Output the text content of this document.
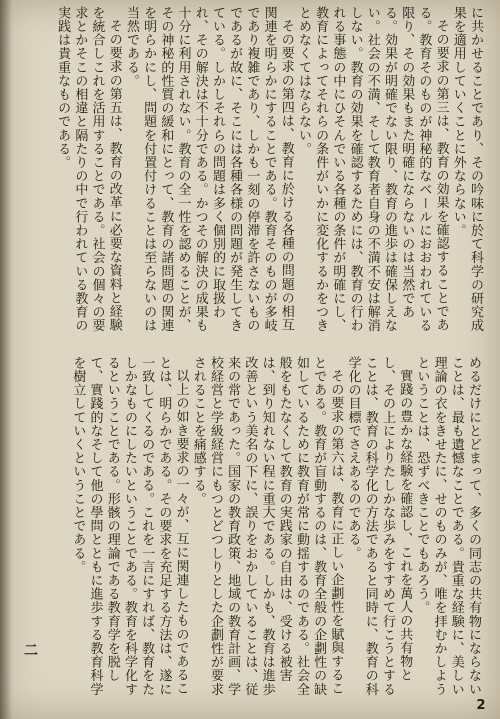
に共かせることであり、その吟味に於て科学の研究成果を適用していくことに外ならない。

その要求の第三は、教育の効果を確認することである。教育そのものが神秘的なベールにおおわれている限り、その効果もまた明確にならないのは当然である。効果が明確でない限り、教育の進歩は確保しえない。社会の不満、そして教育者自身の不満不安は解消しない。教育の効果を確認するためには、教育の行われる事態の中にひそんでいる各種の条件が明確にし、教育によってそれらの条件がいかに変化するかをつきとめなくてはならない。

その要求の第四は、教育に於ける各種の問題の相互関連を明らかにすることである。教育そのものが多岐であり複雑であり、しかも一刻の停滞を許さないものであるが故に、そこには各種各様の問題が発生してきている。しかしそれらの問題は多く個別的に取扱われ、その解決は不十分である。かつその解決の成果も十分に利用されない。教育の全一性を認めることが、その神秘的性質の緩和にとって、教育の諸問題の関連を明らかにし、問題を付置付けることは至らないのは当然である。

その要求の第五は、教育の改革に必要な資料と経験を統合しこれを活用することである。社会の個々の要求とかそこの相違と隔たりの中で行われている教育の実践は貴重なものである。

めるだけにとどまって、多くの同志の共有物にならないことは、最も遺憾なことである。貴重な経験に、美しい理論の衣をきせたに、せのものみが、唯を拝むかしようということは、恐ずべきことでもあろう。

實踐の豊かな経験を確認し、これを萬人の共有物とし、その上によりたしかな歩みをすすめて行こうとすることは、教育の科学化の方法であると同時に、教育の科学化の目標でさえあるのである。

その要求の第六は、教育に正しい企劃性を賦與することである。教育が盲動するのは、教育全般の企劃性の缺如しているために教育が常に動揺するのである。社会全般をもたなくして教育の実践家の自由は、受ける被害は、到り知れない程に重大である。しかも、教育は進歩改善という美名の下に、誤りをおかしていることは、従来の常であった。国家の教育政策、地域の教育計画、学校経営と学級経営にもつとどつしりとした企劃性が要求されることを痛感する。

以上の如き要求の一々が、互に関連したものであることは、明らかである。その要求を充足する方法は、遂に一致してくるのである。これを一言にすれば、教育をたしかなものにしたいということである。教育を科学化するということである。形骸の理論である教育学を脱して、實踐的なそして他の學問とともに進歩する教育科学を樹立していくということである。

二
2
